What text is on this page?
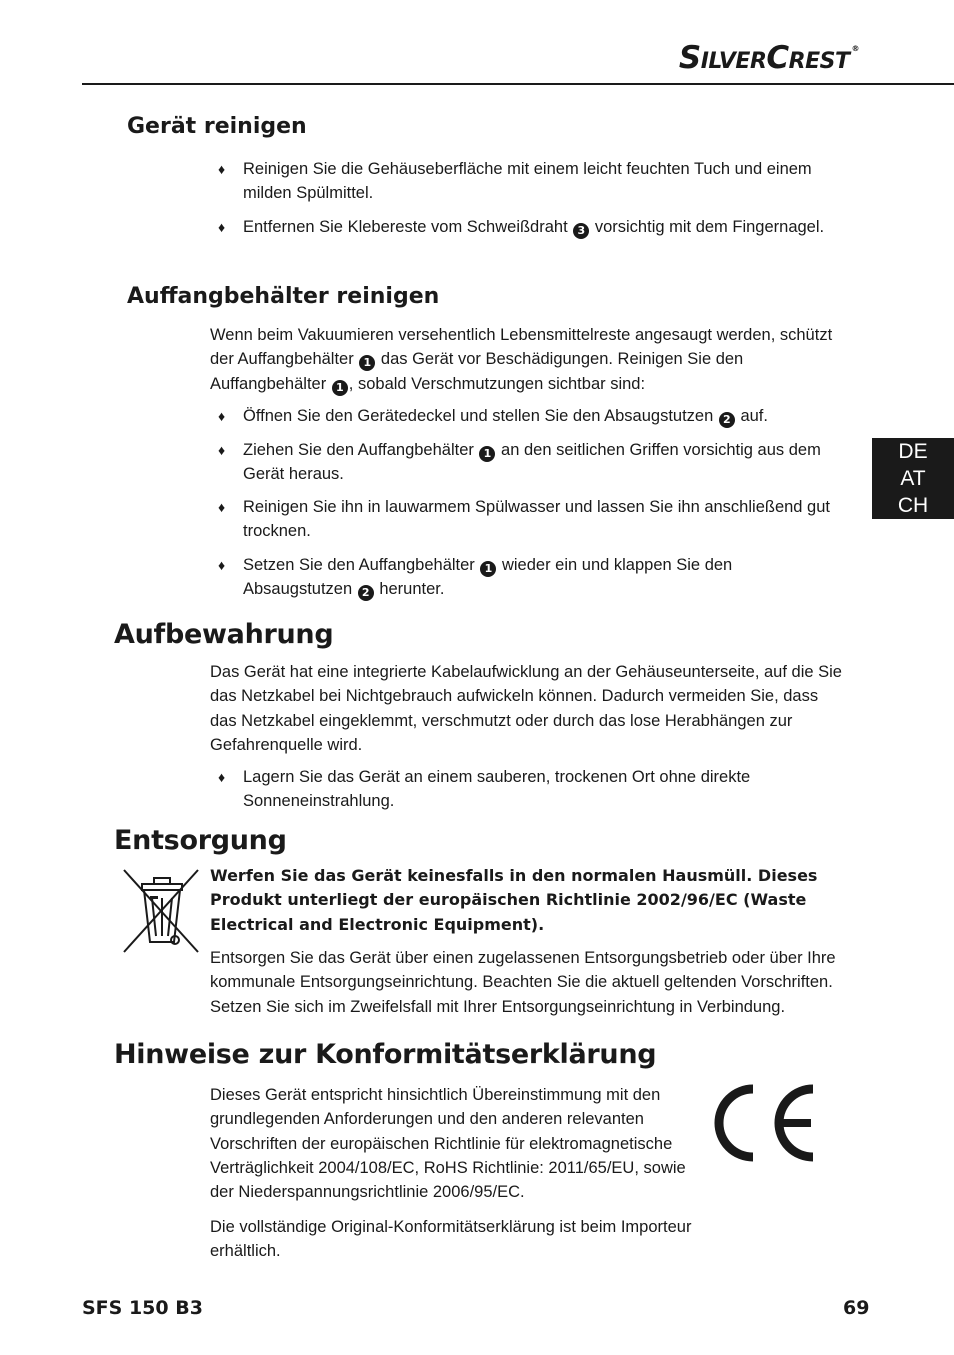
SILVERCREST®
DE
AT
CH
Gerät reinigen
♦ Reinigen Sie die Gehäuseberfläche mit einem leicht feuchten Tuch und einem milden Spülmittel.
♦ Entfernen Sie Klebereste vom Schweißdraht 3 vorsichtig mit dem Fingernagel.
Auffangbehälter reinigen
Wenn beim Vakuumieren versehentlich Lebensmittelreste angesaugt werden, schützt der Auffangbehälter 1 das Gerät vor Beschädigungen. Reinigen Sie den Auffangbehälter 1 , sobald Verschmutzungen sichtbar sind:
♦ Öffnen Sie den Gerätedeckel und stellen Sie den Absaugstutzen 2 auf.
♦ Ziehen Sie den Auffangbehälter 1 an den seitlichen Griffen vorsichtig aus dem Gerät heraus.
♦ Reinigen Sie ihn in lauwarmem Spülwasser und lassen Sie ihn anschließend gut trocknen.
♦ Setzen Sie den Auffangbehälter 1 wieder ein und klappen Sie den Absaugstutzen 2 herunter.
Aufbewahrung
Das Gerät hat eine integrierte Kabelaufwicklung an der Gehäuseunterseite, auf die Sie das Netzkabel bei Nichtgebrauch aufwickeln können. Dadurch vermeiden Sie, dass das Netzkabel eingeklemmt, verschmutzt oder durch das lose Herabhängen zur Gefahrenquelle wird.
♦ Lagern Sie das Gerät an einem sauberen, trockenen Ort ohne direkte Sonneneinstrahlung.
Entsorgung
Werfen Sie das Gerät keinesfalls in den normalen Hausmüll. Dieses Produkt unterliegt der europäischen Richtlinie 2002/96/EC (Waste Electrical and Electronic Equipment).
Entsorgen Sie das Gerät über einen zugelassenen Entsorgungsbetrieb oder über Ihre kommunale Entsorgungseinrichtung. Beachten Sie die aktuell geltenden Vorschriften. Setzen Sie sich im Zweifelsfall mit Ihrer Entsorgungseinrichtung in Verbindung.
Hinweise zur Konformitätserklärung
Dieses Gerät entspricht hinsichtlich Übereinstimmung mit den grundlegenden Anforderungen und den anderen relevanten Vorschriften der europäischen Richtlinie für elektromagnetische Verträglichkeit 2004/108/EC, RoHS Richtlinie: 2011/65/EU, sowie der Niederspannungsrichtlinie 2006/95/EC.
Die vollständige Original-Konformitätserklärung ist beim Importeur erhältlich.
SFS 150 B3	69
